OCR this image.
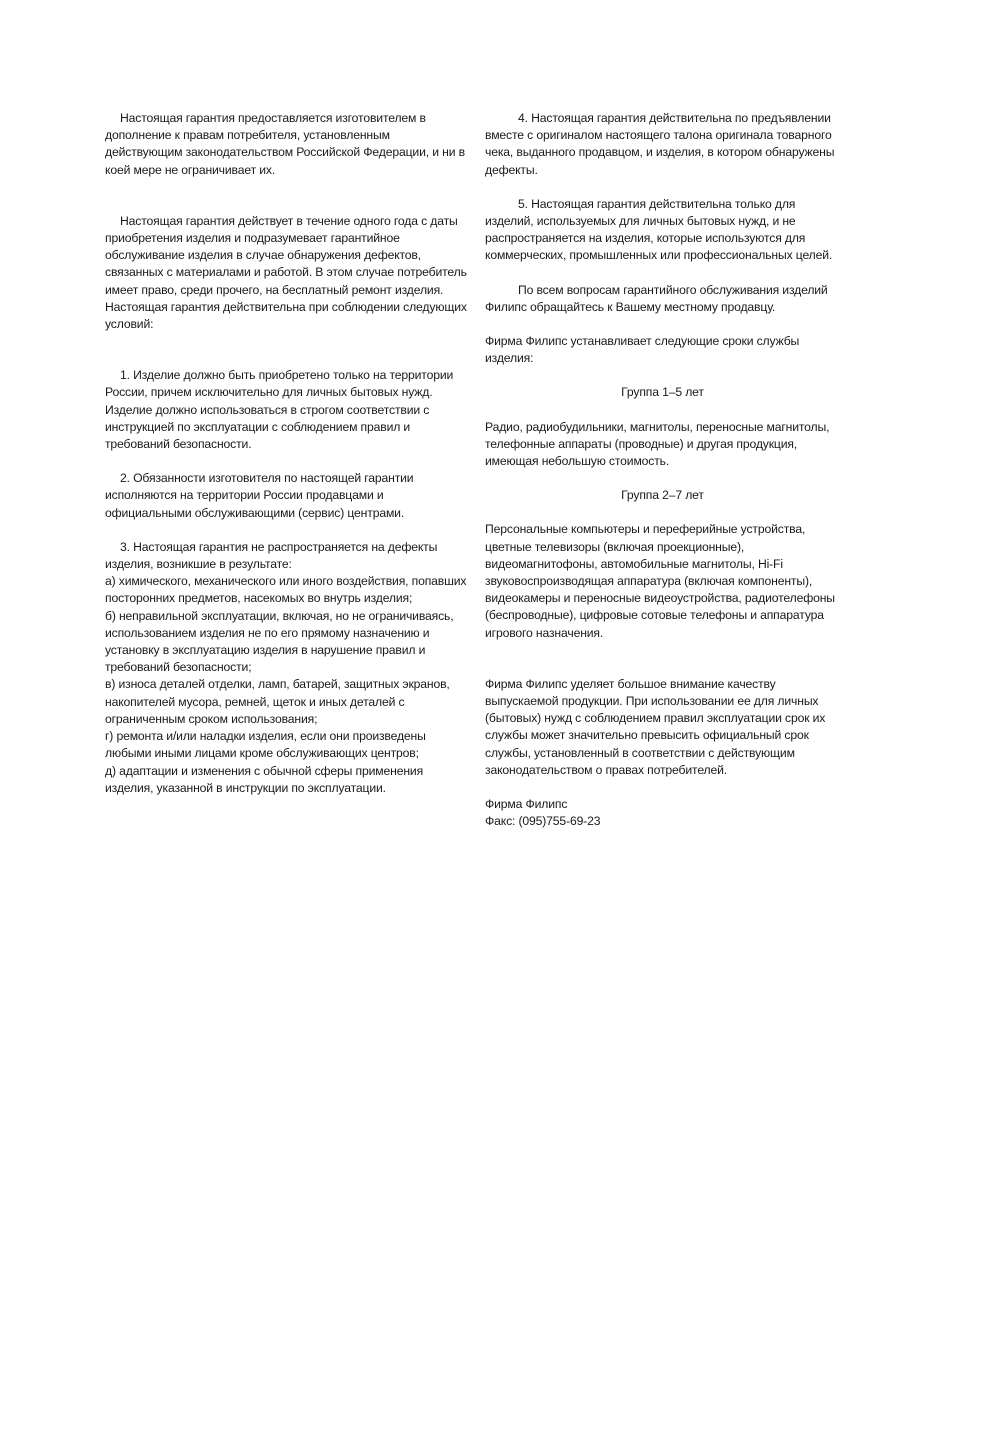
Настоящая гарантия предоставляется изготовителем в дополнение к правам потребителя, установленным действующим законодательством Российской Федерации, и ни в коей мере не ограничивает их.

Настоящая гарантия действует в течение одного года с даты приобретения изделия и подразумевает гарантийное обслуживание изделия в случае обнаружения дефектов, связанных с материалами и работой. В этом случае потребитель имеет право, среди прочего, на бесплатный ремонт изделия. Настоящая гарантия действительна при соблюдении следующих условий:

1. Изделие должно быть приобретено только на территории России, причем исключительно для личных бытовых нужд. Изделие должно использоваться в строгом соответствии с инструкцией по эксплуатации с соблюдением правил и требований безопасности.

2. Обязанности изготовителя по настоящей гарантии исполняются на территории России продавцами и официальными обслуживающими (сервис) центрами.

3. Настоящая гарантия не распространяется на дефекты изделия, возникшие в результате:

а) химического, механического или иного воздействия, попавших посторонних предметов, насекомых во внутрь изделия;

б) неправильной эксплуатации, включая, но не ограничиваясь, использованием изделия не по его прямому назначению и установку в эксплуатацию изделия в нарушение правил и требований безопасности;

в) износа деталей отделки, ламп, батарей, защитных экранов, накопителей мусора, ремней, щеток и иных деталей с ограниченным сроком использования;

г) ремонта и/или наладки изделия, если они произведены любыми иными лицами кроме обслуживающих центров;

д) адаптации и изменения с обычной сферы применения изделия, указанной в инструкции по эксплуатации.

4. Настоящая гарантия действительна по предъявлении вместе с оригиналом настоящего талона оригинала товарного чека, выданного продавцом, и изделия, в котором обнаружены дефекты.

5. Настоящая гарантия действительна только для изделий, используемых для личных бытовых нужд, и не распространяется на изделия, которые используются для коммерческих, промышленных или профессиональных целей.

По всем вопросам гарантийного обслуживания изделий Филипс обращайтесь к Вашему местному продавцу.

Фирма Филипс устанавливает следующие сроки службы изделия:

Группа 1–5 лет

Радио, радиобудильники, магнитолы, переносные магнитолы, телефонные аппараты (проводные) и другая продукция, имеющая небольшую стоимость.

Группа 2–7 лет

Персональные компьютеры и переферийные устройства, цветные телевизоры (включая проекционные), видеомагнитофоны, автомобильные магнитолы, Hi-Fi звуковоспроизводящая аппаратура (включая компоненты), видеокамеры и переносные видеоустройства, радиотелефоны (беспроводные), цифровые сотовые телефоны и аппаратура игрового назначения.

Фирма Филипс уделяет большое внимание качеству выпускаемой продукции. При использовании ее для личных (бытовых) нужд с соблюдением правил эксплуатации срок их службы может значительно превысить официальный срок службы, установленный в соответствии с действующим законодательством о правах потребителей.

Фирма Филипс

Факс: (095)755-69-23
